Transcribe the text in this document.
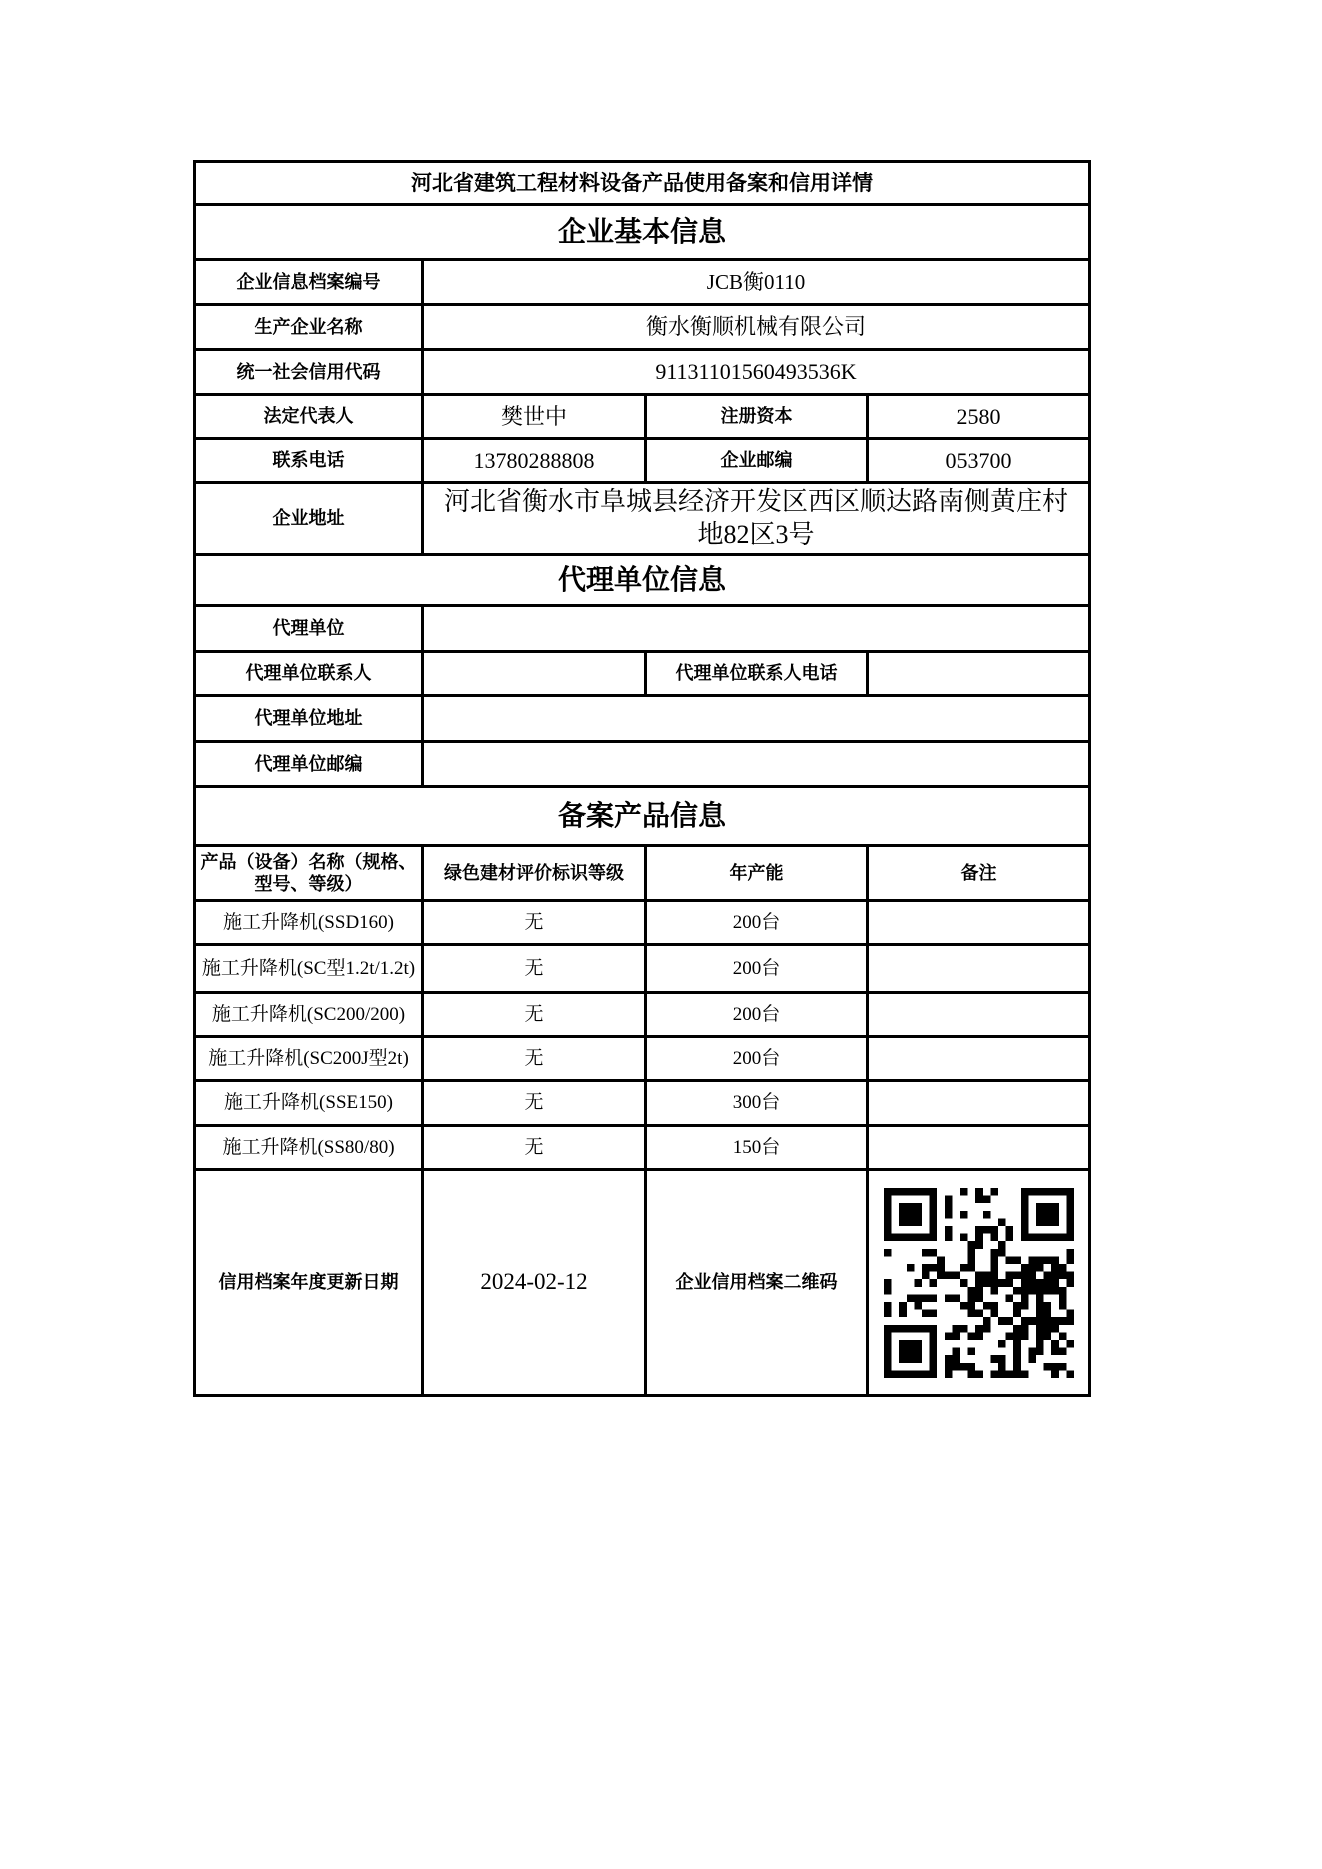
河北省建筑工程材料设备产品使用备案和信用详情			
企业基本信息			
企业信息档案编号	JCB衡0110		
生产企业名称	衡水衡顺机械有限公司		
统一社会信用代码	91131101560493536K		
法定代表人	樊世中	注册资本	2580
联系电话	13780288808	企业邮编	053700
企业地址	河北省衡水市阜城县经济开发区西区顺达路南侧黄庄村地82区3号		
代理单位信息			
代理单位			
代理单位联系人		代理单位联系人电话	
代理单位地址			
代理单位邮编			
备案产品信息			
产品（设备）名称（规格、型号、等级）	绿色建材评价标识等级	年产能	备注
施工升降机(SSD160)	无	200台	
施工升降机(SC型1.2t/1.2t)	无	200台	
施工升降机(SC200/200)	无	200台	
施工升降机(SC200J型2t)	无	200台	
施工升降机(SSE150)	无	300台	
施工升降机(SS80/80)	无	150台	
信用档案年度更新日期	2024-02-12	企业信用档案二维码	
